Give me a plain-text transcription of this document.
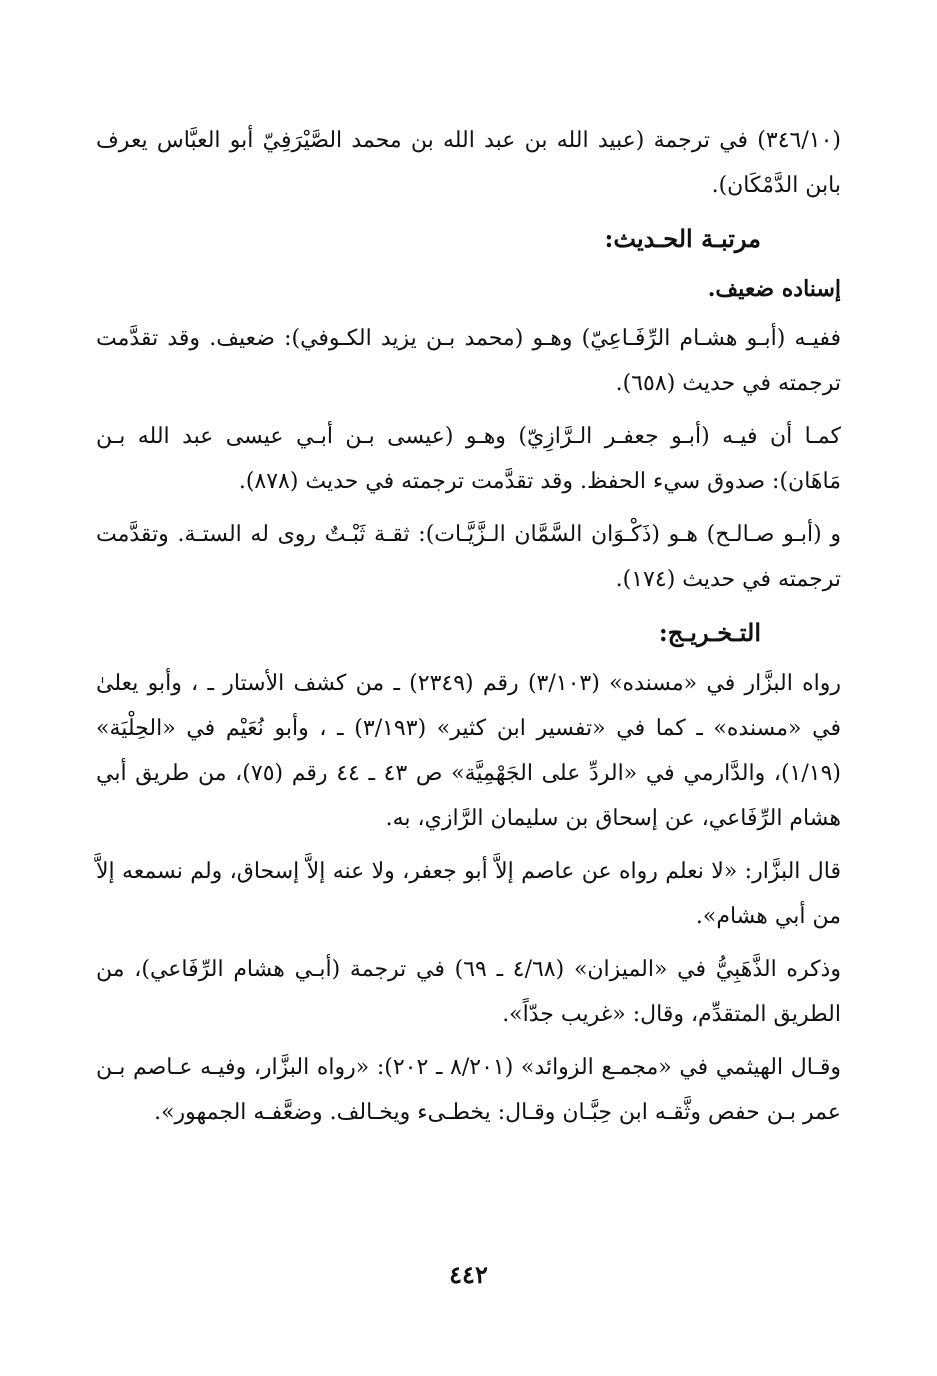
(٣٤٦/١٠) في ترجمة (عبيد الله بن عبد الله بن محمد الصَّيْرَفِيّ أبو العبَّاس يعرف بابن الدَّمْكَان).

مرتبـة الحـديث:

إسناده ضعيف.

ففيـه (أبـو هشـام الرِّفَـاعِيّ) وهـو (محمد بـن يزيد الكـوفي): ضعيف. وقد تقدَّمت ترجمته في حديث (٦٥٨).

كمـا أن فيـه (أبـو جعفـر الـرَّازِيّ) وهـو (عيسى بـن أبـي عيسى عبد الله بـن مَاهَان): صدوق سيء الحفظ. وقد تقدَّمت ترجمته في حديث (٨٧٨).

و (أبـو صـالـح) هـو (ذَكْـوَان السَّمَّان الـزَّيَّـات): ثقـة ثَبْـتٌ روى له الستـة. وتقدَّمت ترجمته في حديث (١٧٤).

التـخـريـج:

رواه البزَّار في «مسنده» (٣/١٠٣) رقم (٢٣٤٩) ـ من كشف الأستار ـ ، وأبو يعلىٰ في «مسنده» ـ كما في «تفسير ابن كثير» (٣/١٩٣) ـ ، وأبو نُعَيْم في «الحِلْيَة» (١/١٩)، والدَّارمي في «الردِّ على الجَهْمِيَّة» ص ٤٣ ـ ٤٤ رقم (٧٥)، من طريق أبي هشام الرِّفَاعي، عن إسحاق بن سليمان الرَّازي، به.

قال البزَّار: «لا نعلم رواه عن عاصم إلاَّ أبو جعفر، ولا عنه إلاَّ إسحاق، ولم نسمعه إلاَّ من أبي هشام».

وذكره الذَّهَبِيُّ في «الميزان» (٤/٦٨ ـ ٦٩) في ترجمة (أبـي هشام الرِّفَاعي)، من الطريق المتقدِّم، وقال: «غريب جدّاً».

وقـال الهيثمي في «مجمـع الزوائد» (٨/٢٠١ ـ ٢٠٢): «رواه البزَّار، وفيـه عـاصم بـن عمر بـن حفص وثَّقـه ابن حِبَّـان وقـال: يخطـىء ويخـالف. وضعَّفـه الجمهور».

٤٤٢
